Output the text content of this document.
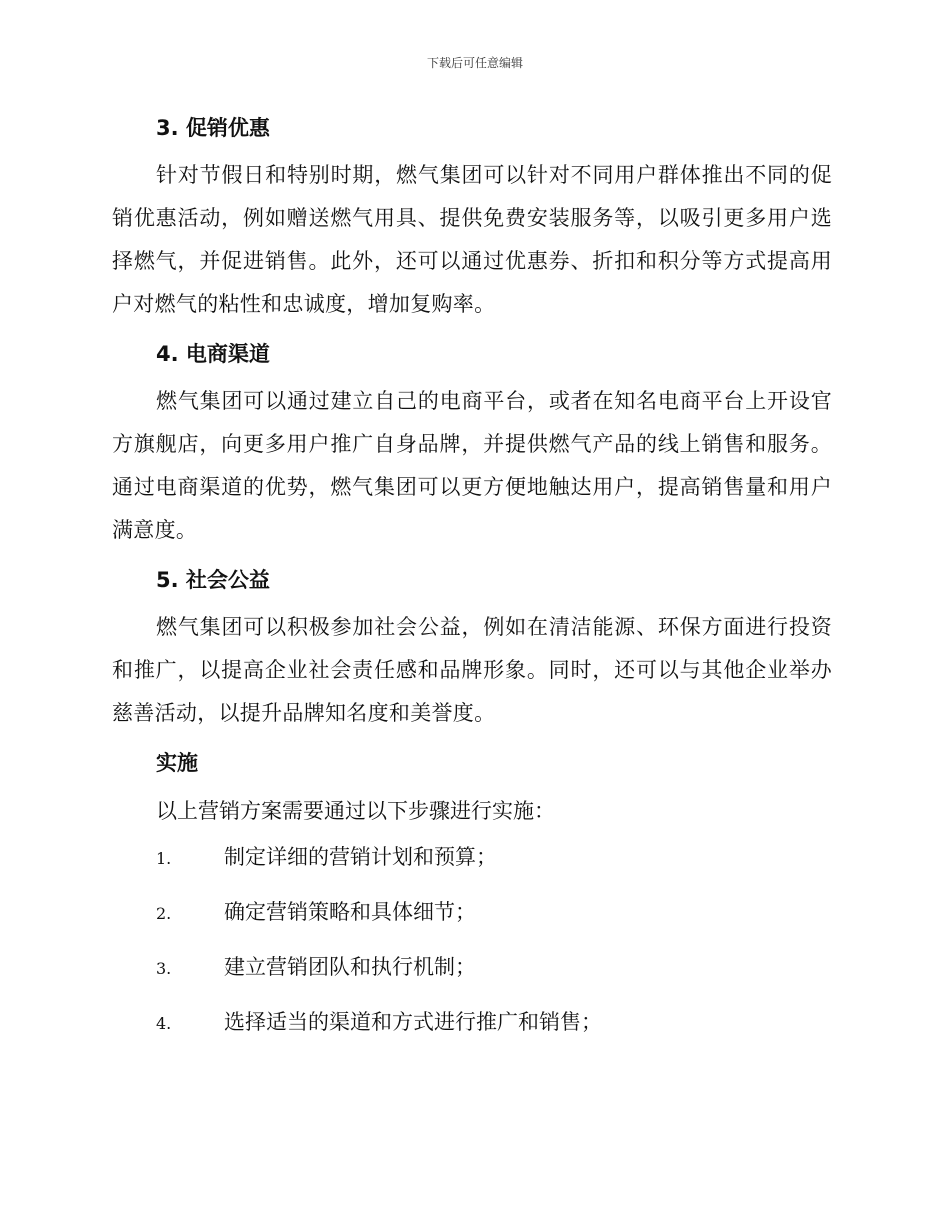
下载后可任意编辑
3. 促销优惠

针对节假日和特别时期，燃气集团可以针对不同用户群体推出不同的促销优惠活动，例如赠送燃气用具、提供免费安装服务等，以吸引更多用户选择燃气，并促进销售。此外，还可以通过优惠券、折扣和积分等方式提高用户对燃气的粘性和忠诚度，增加复购率。

4. 电商渠道

燃气集团可以通过建立自己的电商平台，或者在知名电商平台上开设官方旗舰店，向更多用户推广自身品牌，并提供燃气产品的线上销售和服务。通过电商渠道的优势，燃气集团可以更方便地触达用户，提高销售量和用户满意度。

5. 社会公益

燃气集团可以积极参加社会公益，例如在清洁能源、环保方面进行投资和推广，以提高企业社会责任感和品牌形象。同时，还可以与其他企业举办慈善活动，以提升品牌知名度和美誉度。

实施

以上营销方案需要通过以下步骤进行实施：

1.	制定详细的营销计划和预算；
2.	确定营销策略和具体细节；
3.	建立营销团队和执行机制；
4.	选择适当的渠道和方式进行推广和销售；
